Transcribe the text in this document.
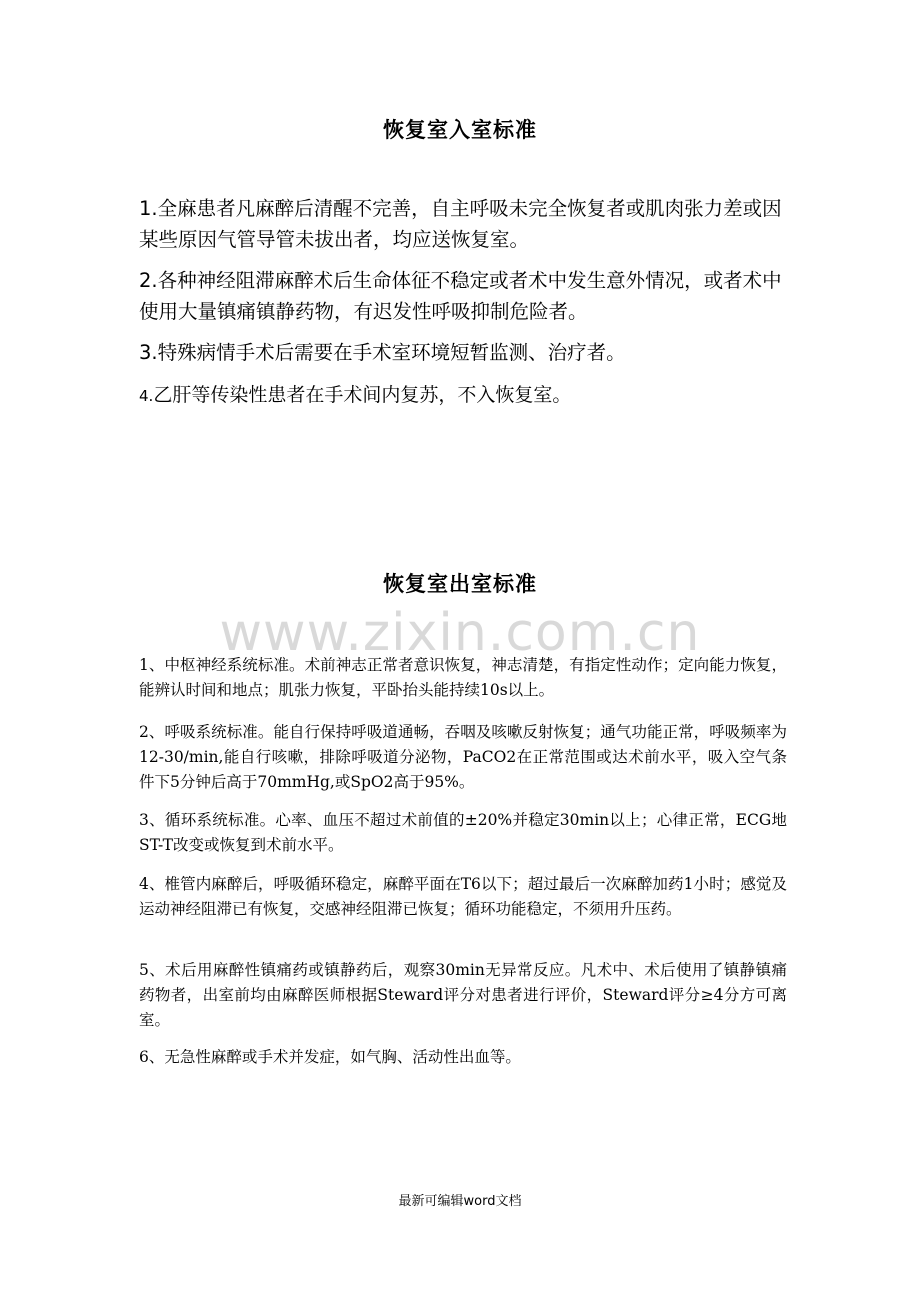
恢复室入室标准

1.全麻患者凡麻醉后清醒不完善，自主呼吸未完全恢复者或肌肉张力差或因某些原因气管导管未拔出者，均应送恢复室。

2.各种神经阻滞麻醉术后生命体征不稳定或者术中发生意外情况，或者术中使用大量镇痛镇静药物，有迟发性呼吸抑制危险者。

3.特殊病情手术后需要在手术室环境短暂监测、治疗者。

4.乙肝等传染性患者在手术间内复苏，不入恢复室。

恢复室出室标准
www.zixin.com.cn

1、中枢神经系统标准。术前神志正常者意识恢复，神志清楚，有指定性动作；定向能力恢复，能辨认时间和地点；肌张力恢复，平卧抬头能持续10s以上。

2、呼吸系统标准。能自行保持呼吸道通畅，吞咽及咳嗽反射恢复；通气功能正常，呼吸频率为12-30/min,能自行咳嗽，排除呼吸道分泌物，PaCO2在正常范围或达术前水平，吸入空气条件下5分钟后高于70mmHg,或SpO2高于95%。

3、循环系统标准。心率、血压不超过术前值的±20%并稳定30min以上；心律正常，ECG地ST-T改变或恢复到术前水平。

4、椎管内麻醉后，呼吸循环稳定，麻醉平面在T6以下；超过最后一次麻醉加药1小时；感觉及运动神经阻滞已有恢复，交感神经阻滞已恢复；循环功能稳定，不须用升压药。

5、术后用麻醉性镇痛药或镇静药后，观察30min无异常反应。凡术中、术后使用了镇静镇痛药物者，出室前均由麻醉医师根据Steward评分对患者进行评价，Steward评分≥4分方可离室。

6、无急性麻醉或手术并发症，如气胸、活动性出血等。

最新可编辑word文档
